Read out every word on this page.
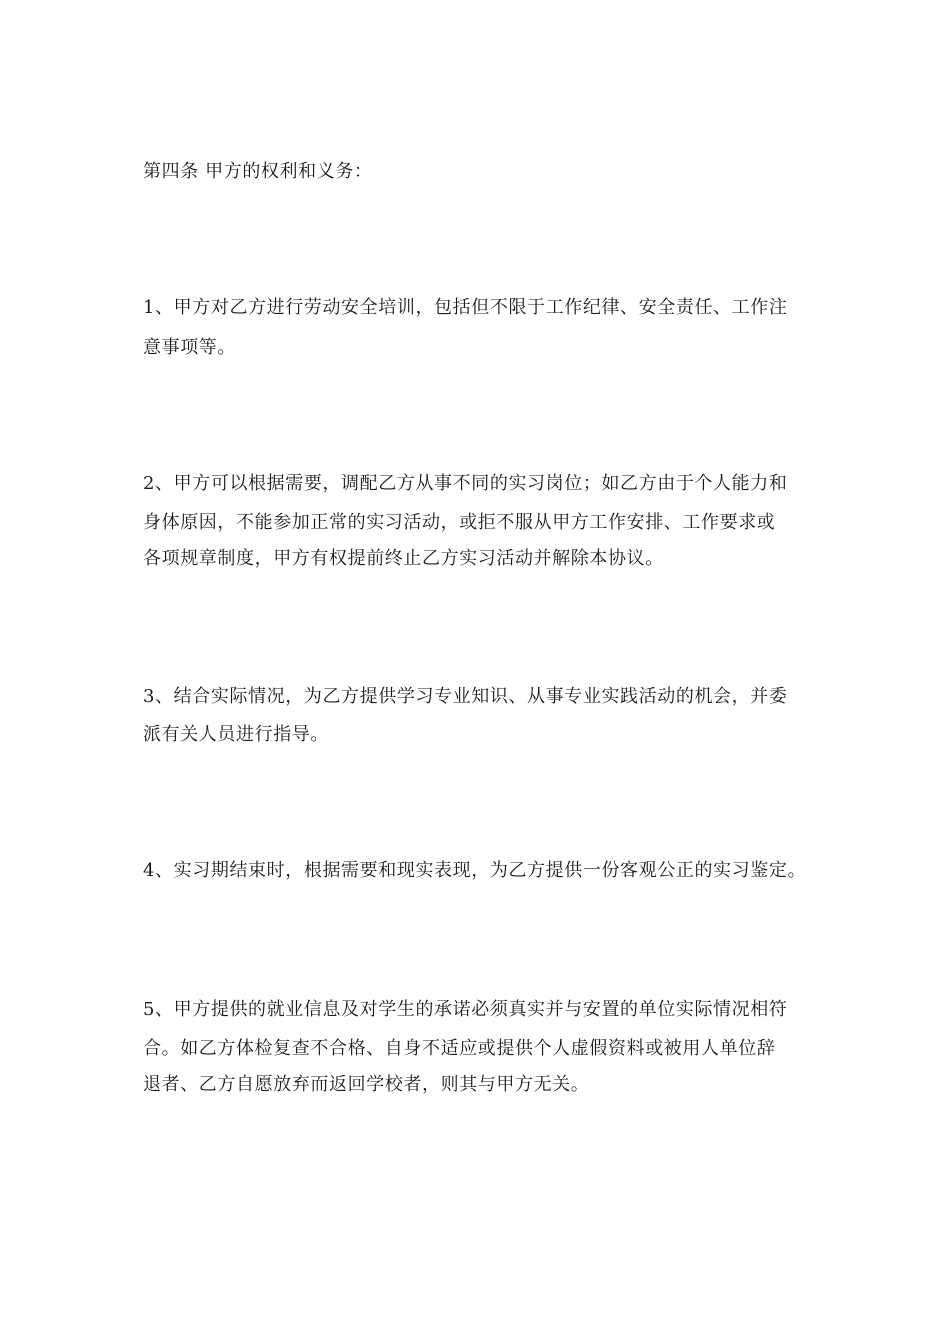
第四条 甲方的权利和义务：
1、甲方对乙方进行劳动安全培训，包括但不限于工作纪律、安全责任、工作注
意事项等。
2、甲方可以根据需要，调配乙方从事不同的实习岗位；如乙方由于个人能力和
身体原因，不能参加正常的实习活动，或拒不服从甲方工作安排、工作要求或
各项规章制度，甲方有权提前终止乙方实习活动并解除本协议。
3、结合实际情况，为乙方提供学习专业知识、从事专业实践活动的机会，并委
派有关人员进行指导。
4、实习期结束时，根据需要和现实表现，为乙方提供一份客观公正的实习鉴定。
5、甲方提供的就业信息及对学生的承诺必须真实并与安置的单位实际情况相符
合。如乙方体检复查不合格、自身不适应或提供个人虚假资料或被用人单位辞
退者、乙方自愿放弃而返回学校者，则其与甲方无关。
